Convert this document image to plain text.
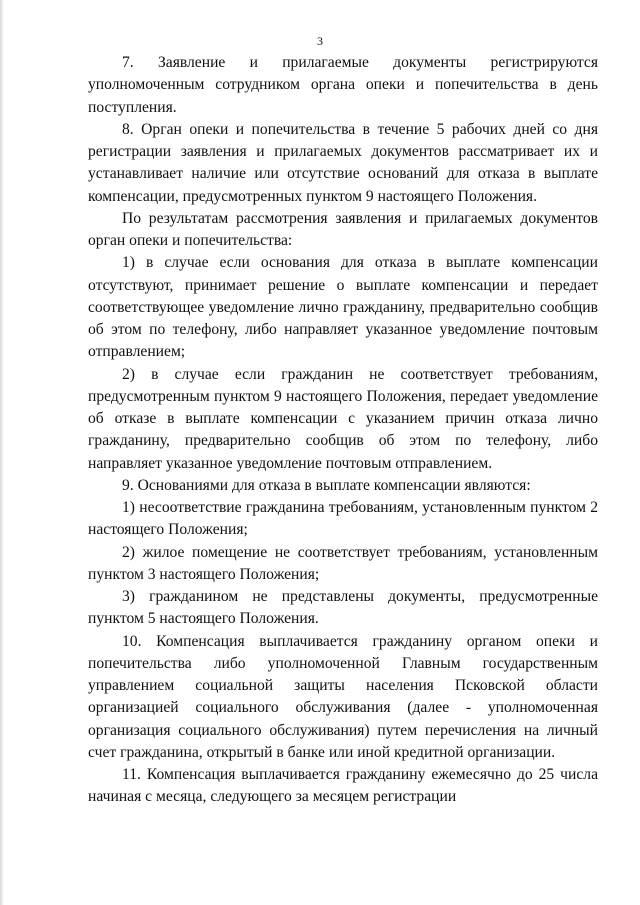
3

7. Заявление и прилагаемые документы регистрируются уполномоченным сотрудником органа опеки и попечительства в день поступления.

8. Орган опеки и попечительства в течение 5 рабочих дней со дня регистрации заявления и прилагаемых документов рассматривает их и устанавливает наличие или отсутствие оснований для отказа в выплате компенсации, предусмотренных пунктом 9 настоящего Положения.

По результатам рассмотрения заявления и прилагаемых документов орган опеки и попечительства:

1) в случае если основания для отказа в выплате компенсации отсутствуют, принимает решение о выплате компенсации и передает соответствующее уведомление лично гражданину, предварительно сообщив об этом по телефону, либо направляет указанное уведомление почтовым отправлением;

2) в случае если гражданин не соответствует требованиям, предусмотренным пунктом 9 настоящего Положения, передает уведомление об отказе в выплате компенсации с указанием причин отказа лично гражданину, предварительно сообщив об этом по телефону, либо направляет указанное уведомление почтовым отправлением.

9. Основаниями для отказа в выплате компенсации являются:

1) несоответствие гражданина требованиям, установленным пунктом 2 настоящего Положения;

2) жилое помещение не соответствует требованиям, установленным пунктом 3 настоящего Положения;

3) гражданином не представлены документы, предусмотренные пунктом 5 настоящего Положения.

10. Компенсация выплачивается гражданину органом опеки и попечительства либо уполномоченной Главным государственным управлением социальной защиты населения Псковской области организацией социального обслуживания (далее - уполномоченная организация социального обслуживания) путем перечисления на личный счет гражданина, открытый в банке или иной кредитной организации.

11. Компенсация выплачивается гражданину ежемесячно до 25 числа начиная с месяца, следующего за месяцем регистрации
